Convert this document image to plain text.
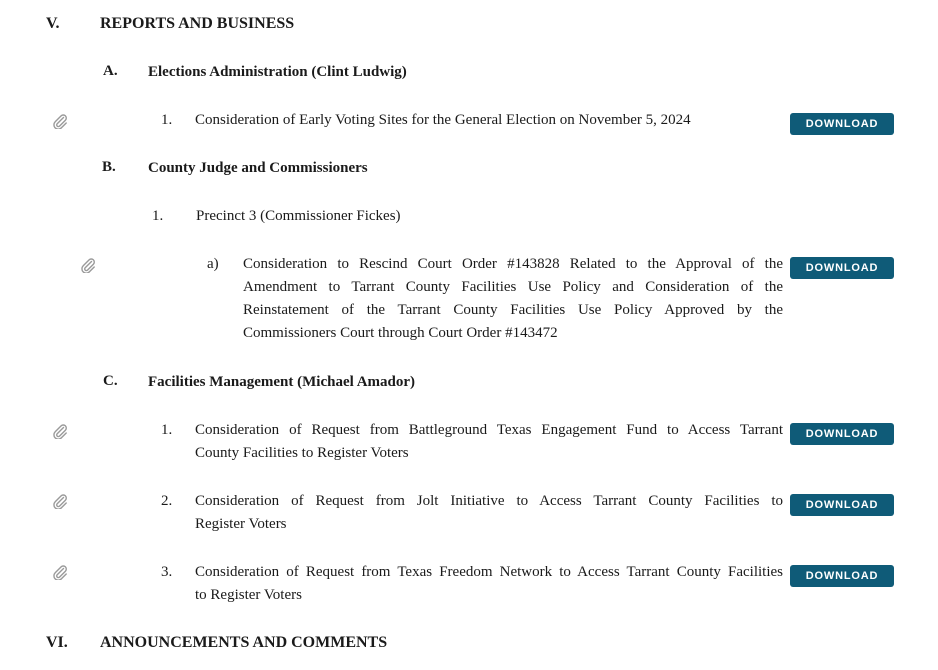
V.	REPORTS AND BUSINESS
A. Elections Administration (Clint Ludwig)
1. Consideration of Early Voting Sites for the General Election on November 5, 2024	DOWNLOAD
B. County Judge and Commissioners
1. Precinct 3 (Commissioner Fickes)
a) Consideration to Rescind Court Order #143828 Related to the Approval of the
Amendment to Tarrant County Facilities Use Policy and Consideration of the
Reinstatement of the Tarrant County Facilities Use Policy Approved by the
Commissioners Court through Court Order #143472
DOWNLOAD
C. Facilities Management (Michael Amador)
1. Consideration of Request from Battleground Texas Engagement Fund to Access Tarrant
County Facilities to Register Voters
DOWNLOAD
2. Consideration of Request from Jolt Initiative to Access Tarrant County Facilities to
Register Voters
DOWNLOAD
3. Consideration of Request from Texas Freedom Network to Access Tarrant County Facilities
to Register Voters
DOWNLOAD
VI. ANNOUNCEMENTS AND COMMENTS
